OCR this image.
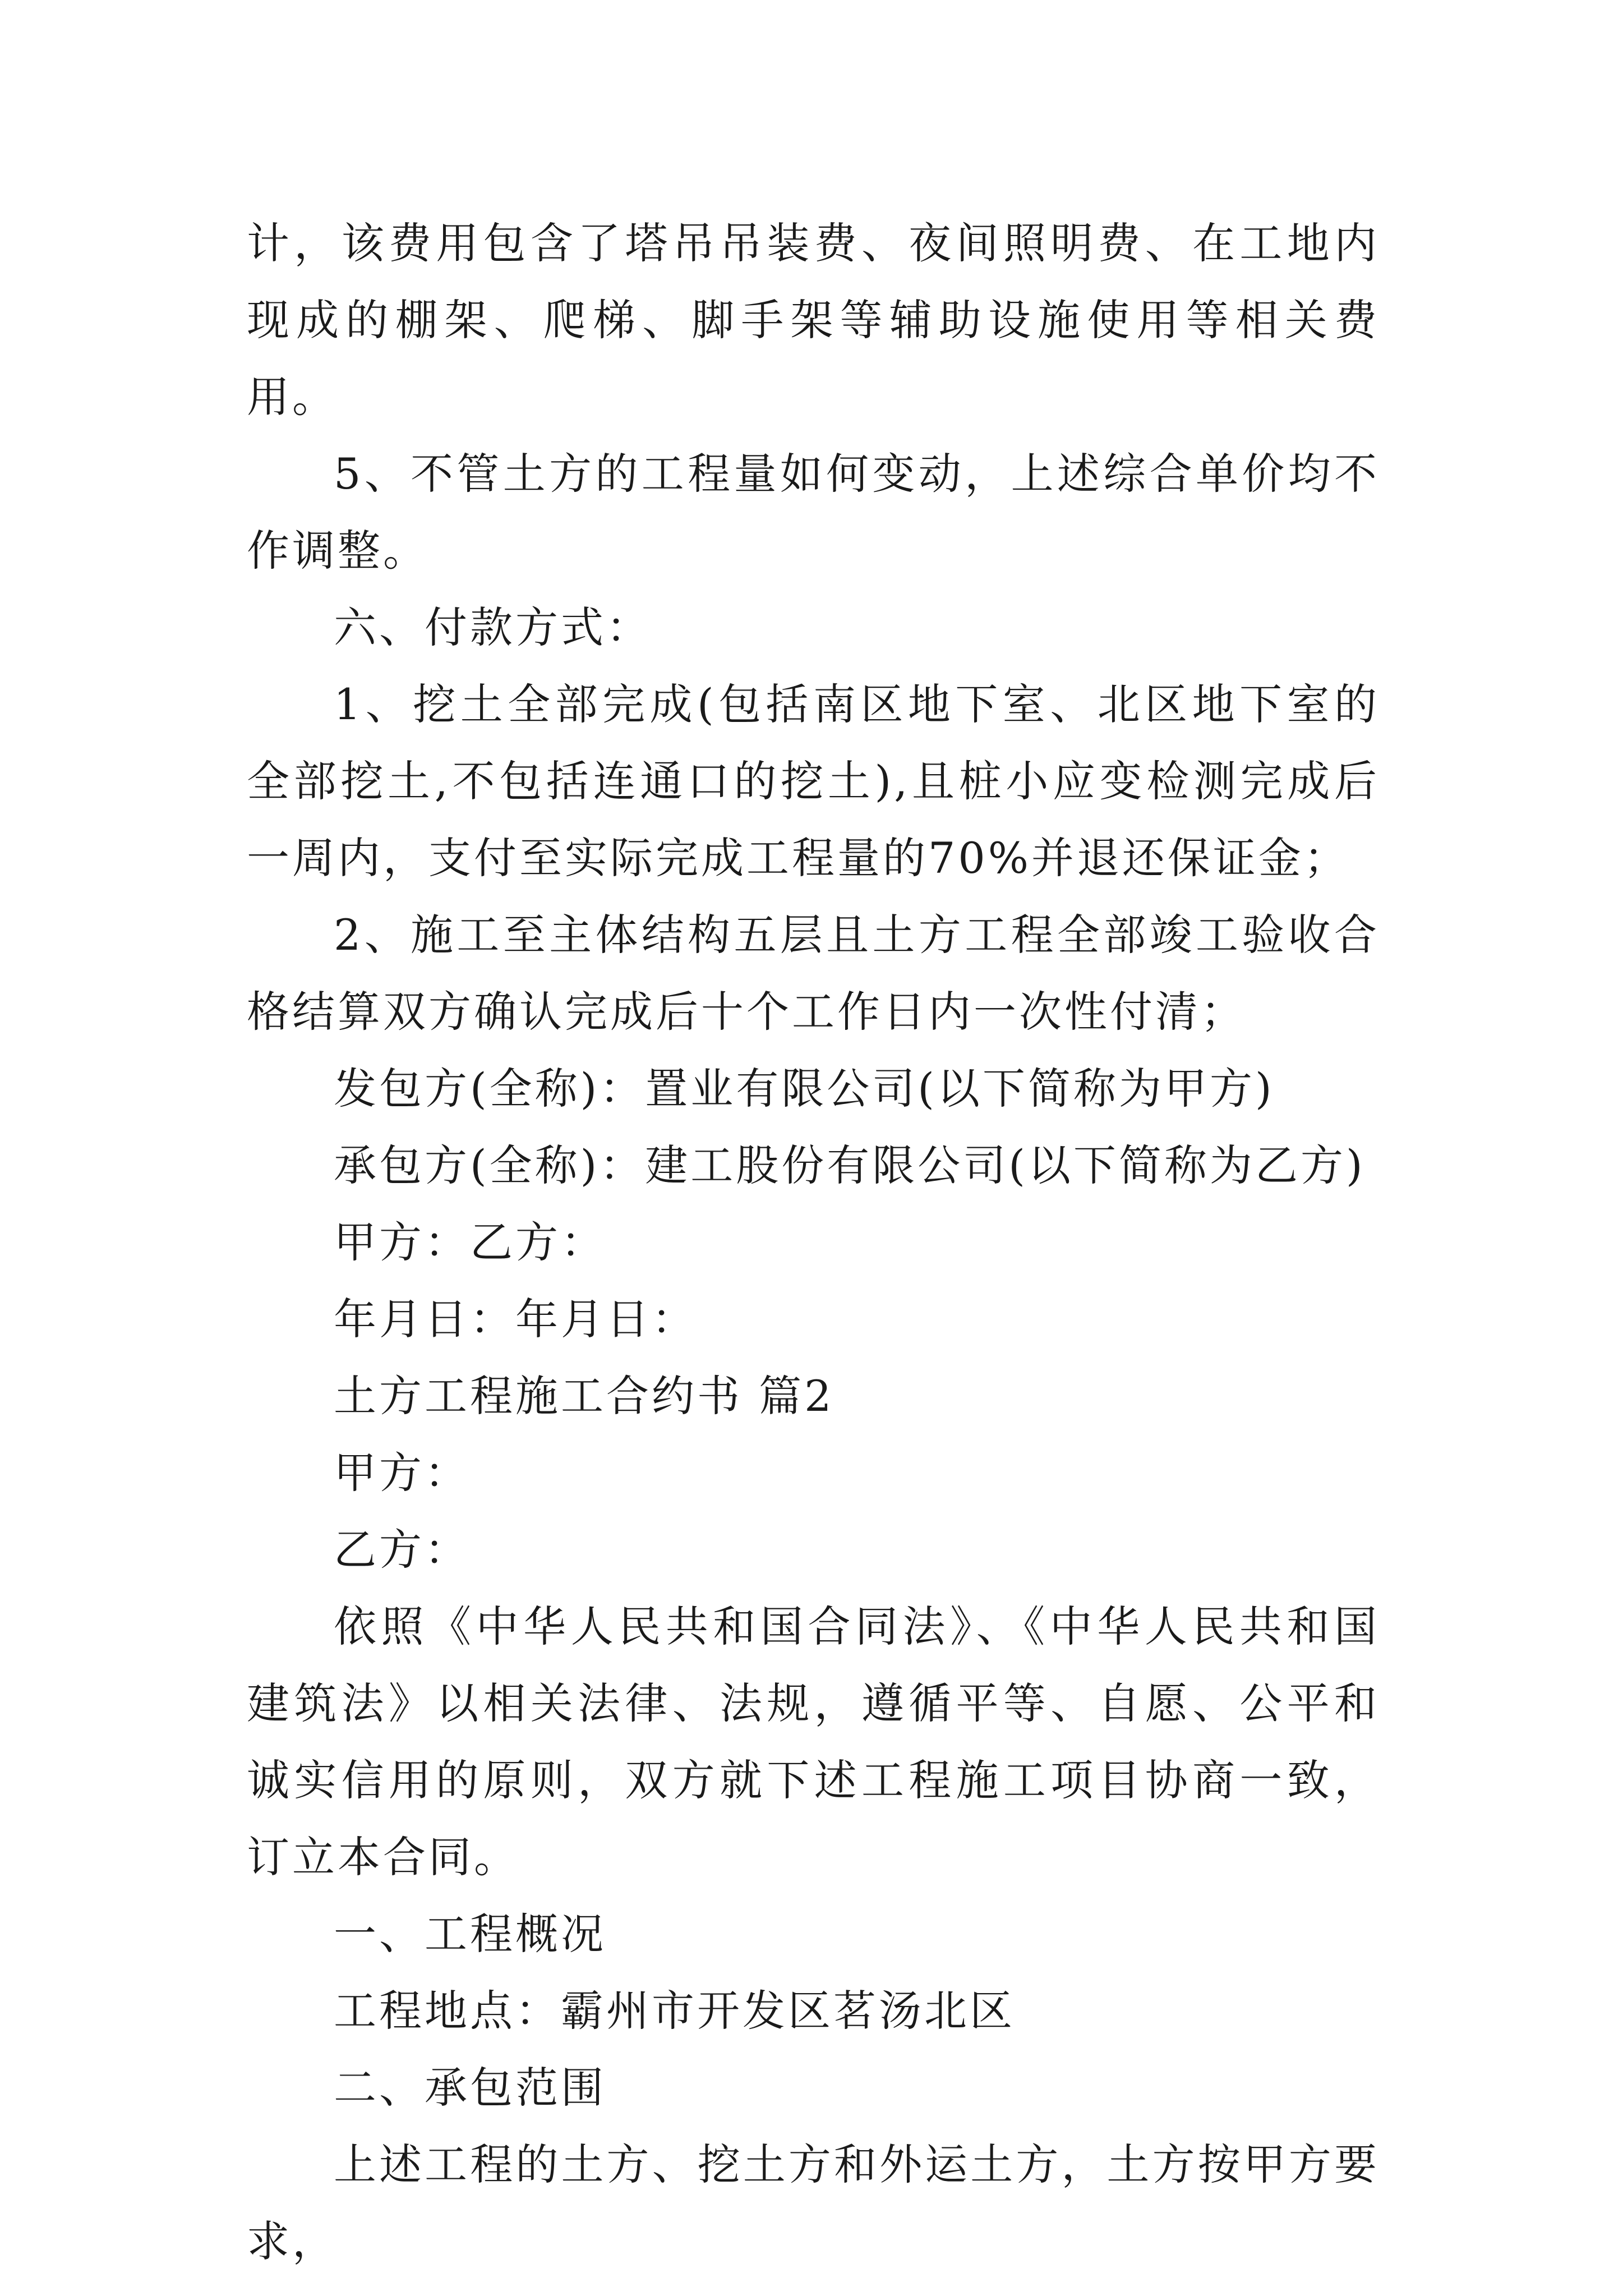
计，该费用包含了塔吊吊装费、夜间照明费、在工地内现成的棚架、爬梯、脚手架等辅助设施使用等相关费用。

5、不管土方的工程量如何变动，上述综合单价均不作调整。

六、付款方式：

1、挖土全部完成(包括南区地下室、北区地下室的全部挖土,不包括连通口的挖土),且桩小应变检测完成后一周内，支付至实际完成工程量的70%并退还保证金；

2、施工至主体结构五层且土方工程全部竣工验收合格结算双方确认完成后十个工作日内一次性付清；

发包方(全称)：置业有限公司(以下简称为甲方)

承包方(全称)：建工股份有限公司(以下简称为乙方)

甲方：乙方：

年月日：年月日：

土方工程施工合约书 篇2

甲方：

乙方：

依照《中华人民共和国合同法》、《中华人民共和国建筑法》以相关法律、法规，遵循平等、自愿、公平和诚实信用的原则，双方就下述工程施工项目协商一致，订立本合同。

一、工程概况

工程地点：霸州市开发区茗汤北区

二、承包范围

上述工程的土方、挖土方和外运土方，土方按甲方要求，
